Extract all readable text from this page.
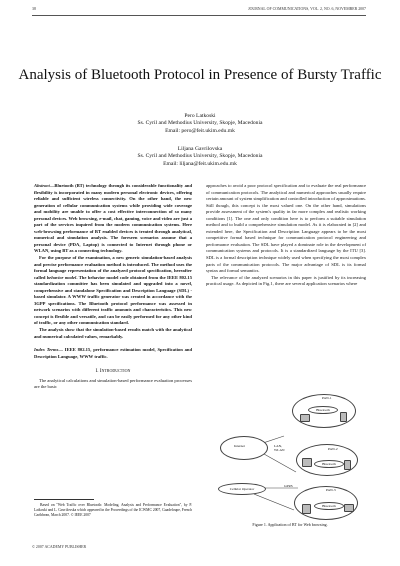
38	JOURNAL OF COMMUNICATIONS, VOL. 2, NO. 6, NOVEMBER 2007
Analysis of Bluetooth Protocol in Presence of Bursty Traffic
Pero Latkoski
Ss. Cyril and Methodius University, Skopje, Macedonia
Email: pero@feit.ukim.edu.mk
Liljana Gavrilovska
Ss. Cyril and Methodius University, Skopje, Macedonia
Email: liljana@feit.ukim.edu.mk

Abstract—Bluetooth (BT) technology through its considerable functionality and flexibility is incorporated in many modern personal electronic devices, offering reliable and sufficient wireless connectivity. On the other hand, the new generation of cellular communication systems while providing wide coverage and mobility are unable to offer a cost effective interconnection of so many personal devices. Web browsing, e-mail, chat, gaming, voice and video are just a part of the services inquired from the modern communication systems. Here web-browsing performance of BT enabled devices is treated through analytical, numerical and simulation analysis. The foreseen scenarios assume that a personal device (PDA, Laptop) is connected to Internet through phone or WLAN, using BT as a connecting technology.

For the purpose of the examination, a new generic simulation-based analysis and precise performance evaluation method is introduced. The method uses the formal language representation of the analyzed protocol specification, hereafter called behavior model. The behavior model code obtained from the IEEE 802.15 standardization committee has been simulated and upgraded into a novel, comprehensive and standalone Specification and Description Language (SDL) - based simulator. A WWW traffic generator was created in accordance with the 3GPP specifications. The Bluetooth protocol performance was assessed in network scenarios with different traffic amounts and characteristics. This new concept is flexible and versatile, and can be easily performed for any other kind of traffic, or any other communication standard.

The analysis show that the simulation-based results match with the analytical and numerical calculated values, remarkably.

Index Terms— IEEE 802.15, performance estimation model, Specification and Description Language, WWW traffic.

I. Introduction

The analytical calculations and simulation-based performance evaluation processes are the basic

Based on "Web Traffic over Bluetooth: Modeling, Analysis and Performance Evaluation", by P. Latkoski and L. Gavrilovska which appeared in the Proceedings of the ICWMC 2007, Guadeloupe, French Caribbean, March 2007. © IEEE 2007

approaches to avoid a poor protocol specification and to evaluate the real performance of communication protocols. The analytical and numerical approaches usually require certain amount of system simplification and controlled introduction of approximations. Still though, this concept is the most valued one. On the other hand, simulations provide assessment of the system's quality in far more complex and realistic working conditions [1]. The one and only condition here is to perform a suitable simulation method and to build a comprehensive simulation model. As it is elaborated in [2] and extended here, the Specification and Description Language appears to be the most competitive formal based technique for communication protocol engineering and performance evaluation. The SDL have played a dominate role in the development of communication systems and protocols. It is a standardized language by the ITU [3]. SDL is a formal description technique widely used when specifying the most complex parts of the communication protocols. The major advantage of SDL is its formal syntax and formal semantics.

The relevance of the analyzed scenarios in this paper is justified by its increasing practical usage. As depicted in Fig.1, there are several application scenarios where

PAN-1
Bluetooth
Internet	LAN,
WLAN	PAN-2
Bluetooth
Cellular Operator
GPRS
PAN-3
Bluetooth
Figure 1. Application of BT for Web browsing.
© 2007 ACADEMY PUBLISHER
